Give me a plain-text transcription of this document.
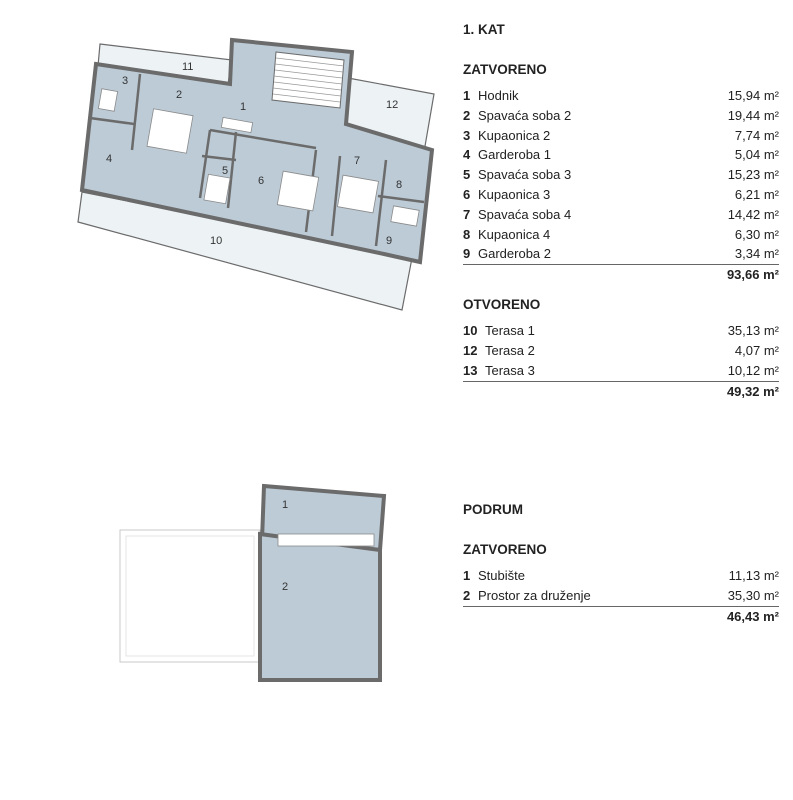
1
2
3
4
5
6
7
8
9
10
11
12
1
2
1. KAT
ZATVORENO
1 Hodnik	15,94 m²
2 Spavaća soba 2	19,44 m²
3 Kupaonica 2	7,74 m²
4 Garderoba 1	5,04 m²
5 Spavaća soba 3	15,23 m²
6 Kupaonica 3	6,21 m²
7 Spavaća soba 4	14,42 m²
8 Kupaonica 4	6,30 m²
9 Garderoba 2	3,34 m²
93,66 m²
OTVORENO
10 Terasa 1	35,13 m²
12 Terasa 2	4,07 m²
13 Terasa 3	10,12 m²
49,32 m²
PODRUM
ZATVORENO
1 Stubište	11,13 m²
2 Prostor za druženje	35,30 m²
46,43 m²
